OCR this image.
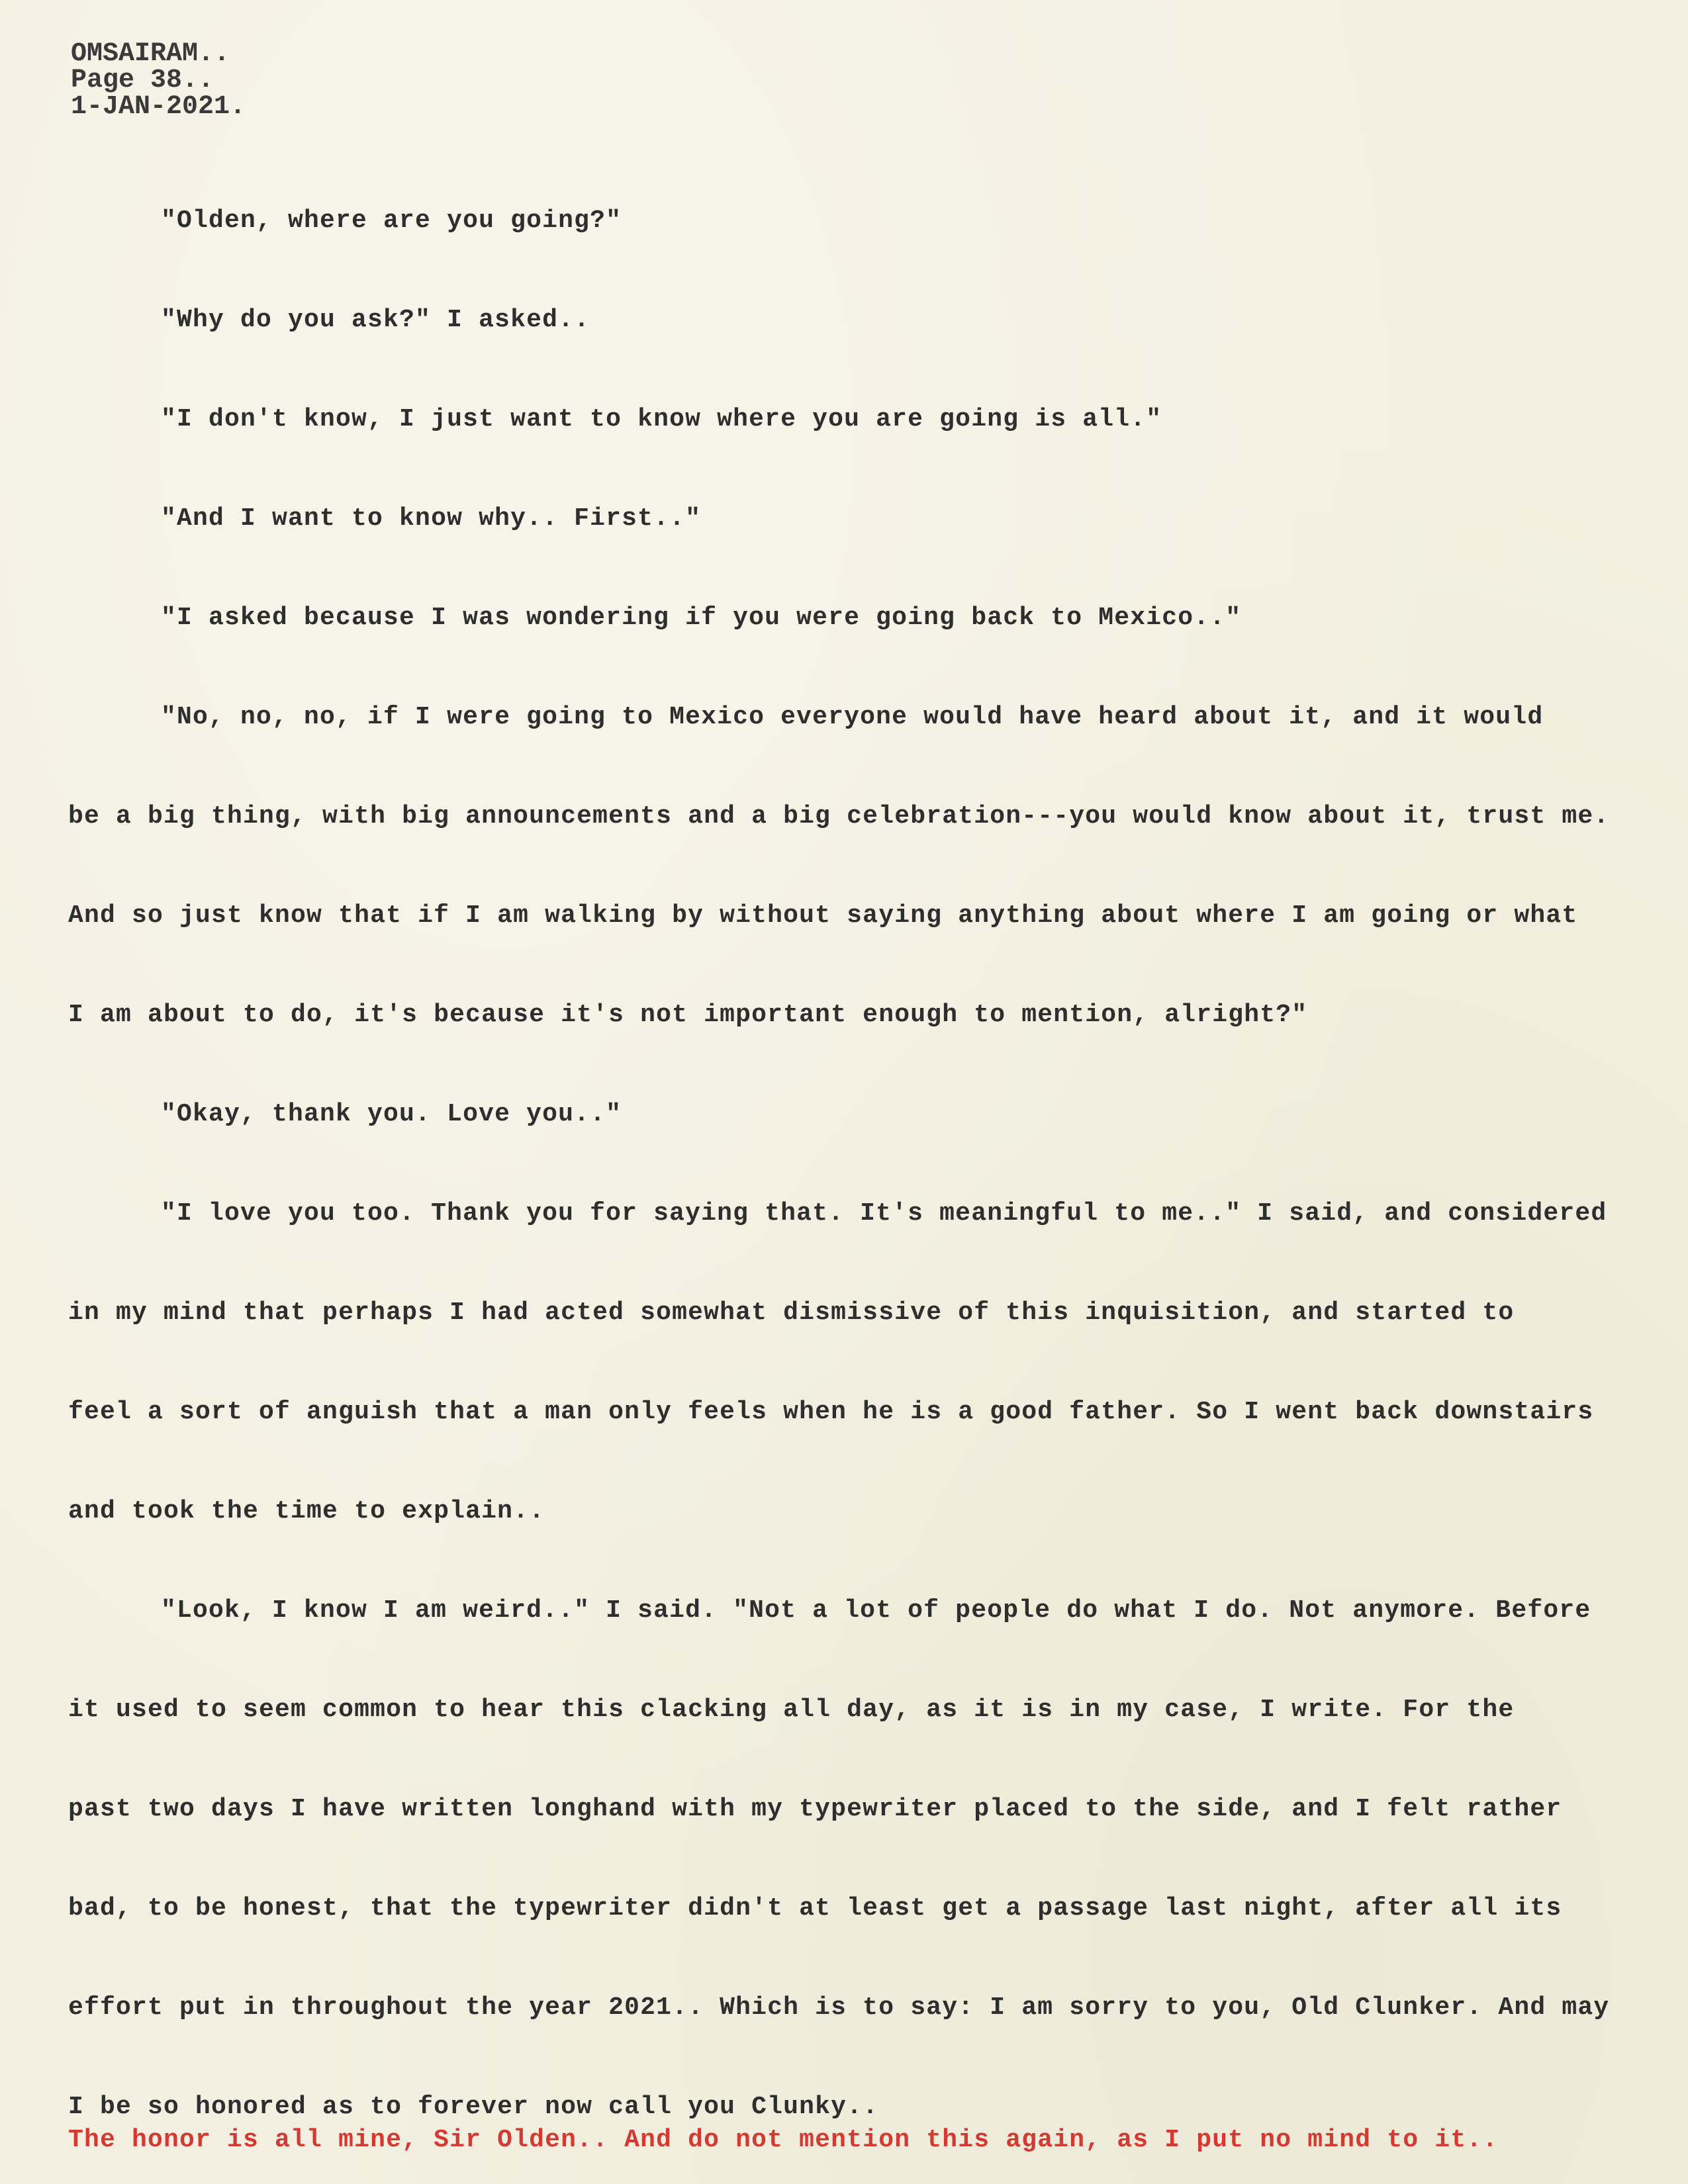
OMSAIRAM..
Page 38..
1-JAN-2021.
"Olden, where are you going?"
"Why do you ask?" I asked..
"I don't know, I just want to know where you are going is all."
"And I want to know why.. First.."
"I asked because I was wondering if you were going back to Mexico.."
"No, no, no, if I were going to Mexico everyone would have heard about it, and it would
be a big thing, with big announcements and a big celebration---you would know about it, trust me.
And so just know that if I am walking by without saying anything about where I am going or what
I am about to do, it's because it's not important enough to mention, alright?"
"Okay, thank you. Love you.."
"I love you too. Thank you for saying that. It's meaningful to me.." I said, and considered
in my mind that perhaps I had acted somewhat dismissive of this inquisition, and started to
feel a sort of anguish that a man only feels when he is a good father. So I went back downstairs
and took the time to explain..
"Look, I know I am weird.." I said. "Not a lot of people do what I do. Not anymore. Before
it used to seem common to hear this clacking all day, as it is in my case, I write. For the
past two days I have written longhand with my typewriter placed to the side, and I felt rather
bad, to be honest, that the typewriter didn't at least get a passage last night, after all its
effort put in throughout the year 2021.. Which is to say: I am sorry to you, Old Clunker. And may
I be so honored as to forever now call you Clunky..
The honor is all mine, Sir Olden.. And do not mention this again, as I put no mind to it..
